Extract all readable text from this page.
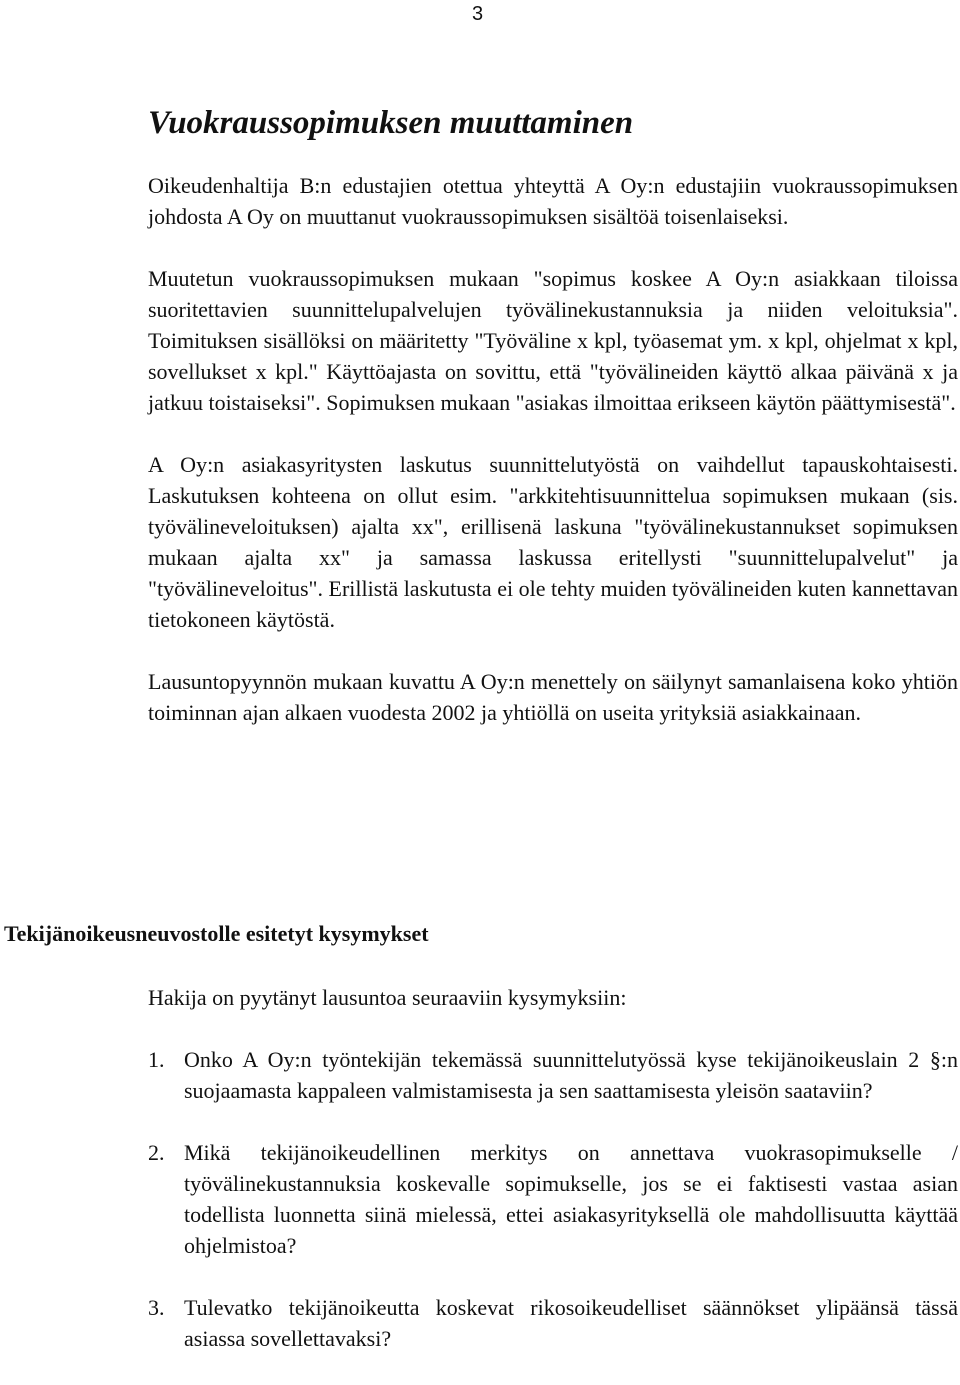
3
Vuokraussopimuksen muuttaminen

Oikeudenhaltija B:n edustajien otettua yhteyttä A Oy:n edustajiin vuokraussopimuksen johdosta A Oy on muuttanut vuokraussopimuksen sisältöä toisenlaiseksi.

Muutetun vuokraussopimuksen mukaan "sopimus koskee A Oy:n asiakkaan tiloissa suoritettavien suunnittelupalvelujen työvälinekustannuksia ja niiden veloituksia". Toimituksen sisällöksi on määritetty "Työväline x kpl, työasemat ym. x kpl, ohjelmat x kpl, sovellukset x kpl." Käyttöajasta on sovittu, että "työvälineiden käyttö alkaa päivänä x ja jatkuu toistaiseksi". Sopimuksen mukaan "asiakas ilmoittaa erikseen käytön päättymisestä".

A Oy:n asiakasyritysten laskutus suunnittelutyöstä on vaihdellut tapauskohtaisesti. Laskutuksen kohteena on ollut esim. "arkkitehtisuunnittelua sopimuksen mukaan (sis. työvälineveloituksen) ajalta xx", erillisenä laskuna "työvälinekustannukset sopimuksen mukaan ajalta xx" ja samassa laskussa eritellysti "suunnittelupalvelut" ja "työvälineveloitus". Erillistä laskutusta ei ole tehty muiden työvälineiden kuten kannettavan tietokoneen käytöstä.

Lausuntopyynnön mukaan kuvattu A Oy:n menettely on säilynyt samanlaisena koko yhtiön toiminnan ajan alkaen vuodesta 2002 ja yhtiöllä on useita yrityksiä asiakkainaan.

Tekijänoikeusneuvostolle esitetyt kysymykset

Hakija on pyytänyt lausuntoa seuraaviin kysymyksiin:

1. Onko A Oy:n työntekijän tekemässä suunnittelutyössä kyse tekijänoikeuslain 2 §:n suojaamasta kappaleen valmistamisesta ja sen saattamisesta yleisön saataviin?
2. Mikä tekijänoikeudellinen merkitys on annettava vuokrasopimukselle / työvälinekustannuksia koskevalle sopimukselle, jos se ei faktisesti vastaa asian todellista luonnetta siinä mielessä, ettei asiakasyrityksellä ole mahdollisuutta käyttää ohjelmistoa?
3. Tulevatko tekijänoikeutta koskevat rikosoikeudelliset säännökset ylipäänsä tässä asiassa sovellettavaksi?
